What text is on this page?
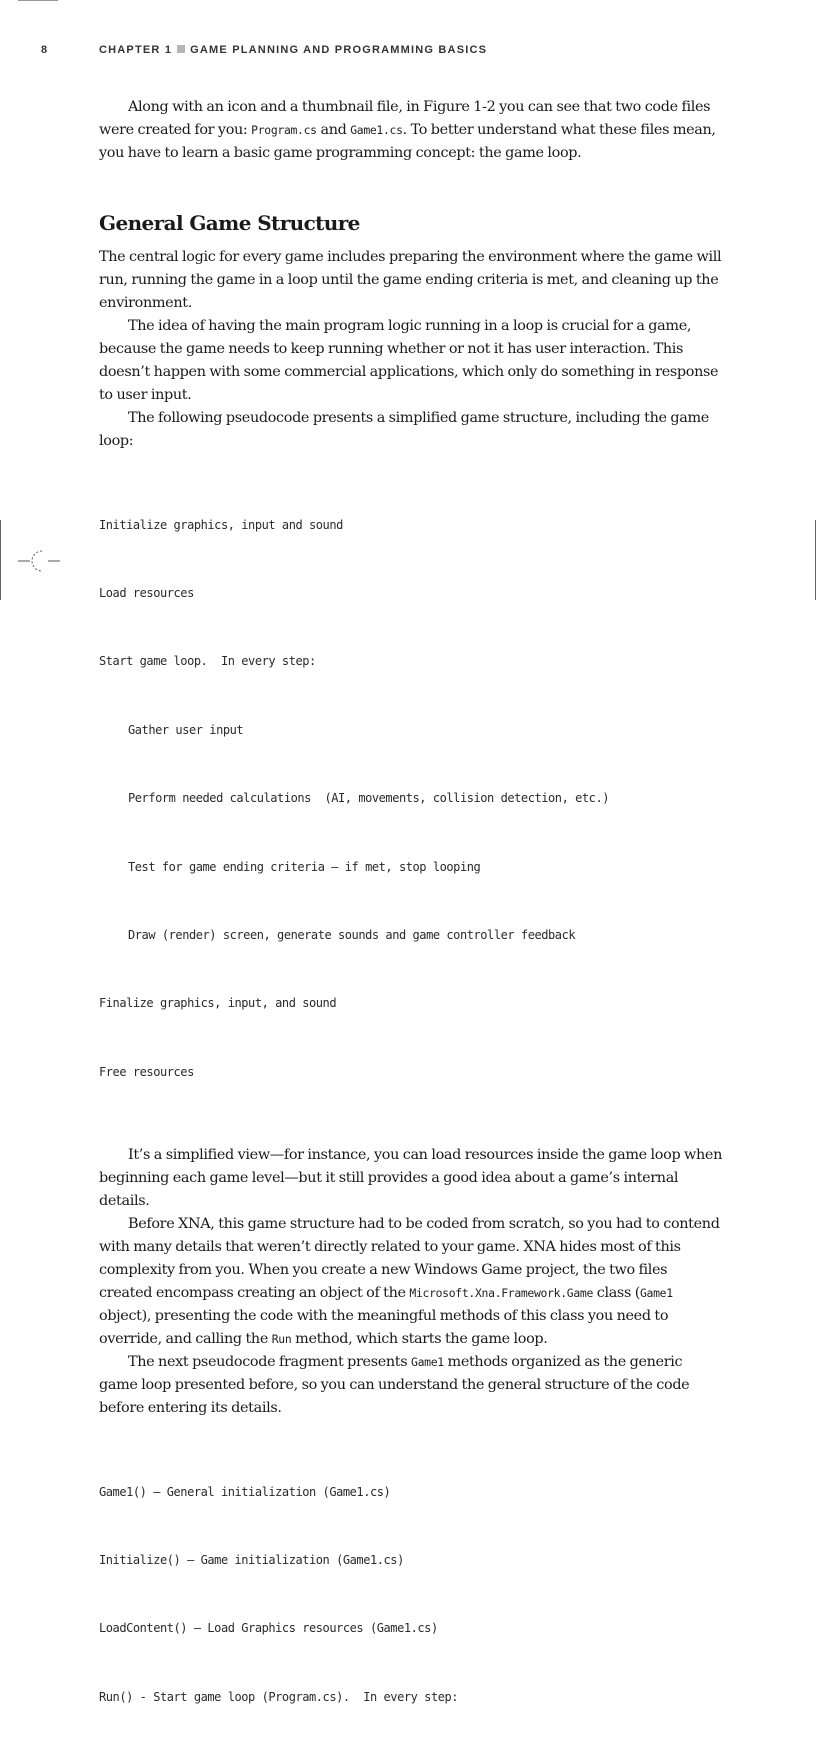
8	CHAPTER 1 GAME PLANNING AND PROGRAMMING BASICS

Along with an icon and a thumbnail file, in Figure 1-2 you can see that two code files were created for you: Program.cs and Game1.cs. To better understand what these files mean, you have to learn a basic game programming concept: the game loop.

General Game Structure

The central logic for every game includes preparing the environment where the game will run, running the game in a loop until the game ending criteria is met, and cleaning up the environment.

The idea of having the main program logic running in a loop is crucial for a game, because the game needs to keep running whether or not it has user interaction. This doesn’t happen with some commercial applications, which only do something in response to user input.

The following pseudocode presents a simplified game structure, including the game loop:

Initialize graphics, input and sound

Load resources

Start game loop.  In every step:

Gather user input

Perform needed calculations  (AI, movements, collision detection, etc.)

Test for game ending criteria – if met, stop looping

Draw (render) screen, generate sounds and game controller feedback

Finalize graphics, input, and sound

Free resources

It’s a simplified view—for instance, you can load resources inside the game loop when beginning each game level—but it still provides a good idea about a game’s internal details.

Before XNA, this game structure had to be coded from scratch, so you had to contend with many details that weren’t directly related to your game. XNA hides most of this complexity from you. When you create a new Windows Game project, the two files created encompass creating an object of the Microsoft.Xna.Framework.Game class (Game1 object), presenting the code with the meaningful methods of this class you need to override, and calling the Run method, which starts the game loop.

The next pseudocode fragment presents Game1 methods organized as the generic game loop presented before, so you can understand the general structure of the code before entering its details.

Game1() – General initialization (Game1.cs)

Initialize() – Game initialization (Game1.cs)

LoadContent() – Load Graphics resources (Game1.cs)

Run() - Start game loop (Program.cs).  In every step:
